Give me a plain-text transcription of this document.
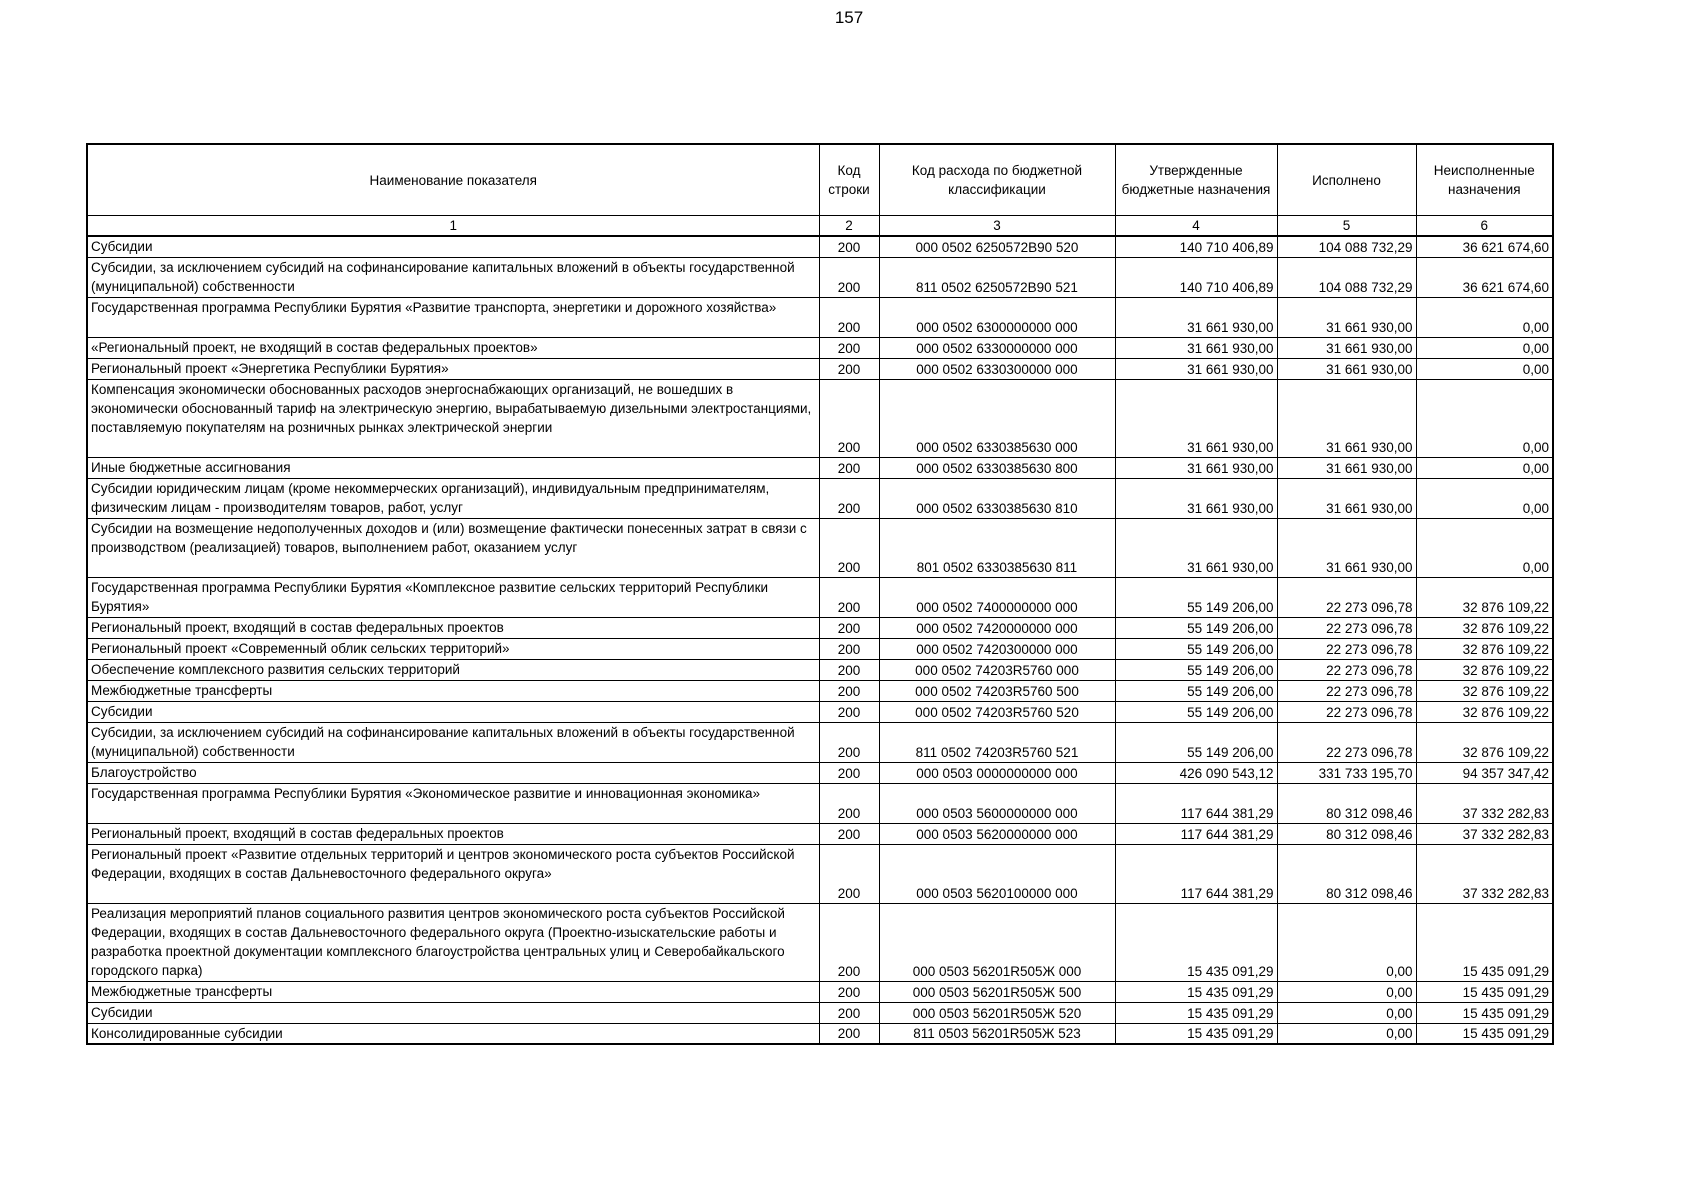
157
Наименование показателя	Код строки	Код расхода по бюджетной классификации	Утвержденные бюджетные назначения	Исполнено	Неисполненные назначения
1	2	3	4	5	6
Субсидии	200	000 0502 6250572B90 520	140 710 406,89	104 088 732,29	36 621 674,60
Субсидии, за исключением субсидий на софинансирование капитальных вложений в объекты государственной (муниципальной) собственности	200	811 0502 6250572B90 521	140 710 406,89	104 088 732,29	36 621 674,60
Государственная программа Республики Бурятия «Развитие транспорта, энергетики и дорожного хозяйства»	200	000 0502 6300000000 000	31 661 930,00	31 661 930,00	0,00
«Региональный проект, не входящий в состав федеральных проектов»	200	000 0502 6330000000 000	31 661 930,00	31 661 930,00	0,00
Региональный проект «Энергетика Республики Бурятия»	200	000 0502 6330300000 000	31 661 930,00	31 661 930,00	0,00
Компенсация экономически обоснованных расходов энергоснабжающих организаций, не вошедших в экономически обоснованный тариф на электрическую энергию, вырабатываемую дизельными электростанциями, поставляемую покупателям на розничных рынках электрической энергии	200	000 0502 6330385630 000	31 661 930,00	31 661 930,00	0,00
Иные бюджетные ассигнования	200	000 0502 6330385630 800	31 661 930,00	31 661 930,00	0,00
Субсидии юридическим лицам (кроме некоммерческих организаций), индивидуальным предпринимателям, физическим лицам - производителям товаров, работ, услуг	200	000 0502 6330385630 810	31 661 930,00	31 661 930,00	0,00
Субсидии на возмещение недополученных доходов и (или) возмещение фактически понесенных затрат в связи с производством (реализацией) товаров, выполнением работ, оказанием услуг	200	801 0502 6330385630 811	31 661 930,00	31 661 930,00	0,00
Государственная программа Республики Бурятия «Комплексное развитие сельских территорий Республики Бурятия»	200	000 0502 7400000000 000	55 149 206,00	22 273 096,78	32 876 109,22
Региональный проект, входящий в состав федеральных проектов	200	000 0502 7420000000 000	55 149 206,00	22 273 096,78	32 876 109,22
Региональный проект «Современный облик сельских территорий»	200	000 0502 7420300000 000	55 149 206,00	22 273 096,78	32 876 109,22
Обеспечение комплексного развития сельских территорий	200	000 0502 74203R5760 000	55 149 206,00	22 273 096,78	32 876 109,22
Межбюджетные трансферты	200	000 0502 74203R5760 500	55 149 206,00	22 273 096,78	32 876 109,22
Субсидии	200	000 0502 74203R5760 520	55 149 206,00	22 273 096,78	32 876 109,22
Субсидии, за исключением субсидий на софинансирование капитальных вложений в объекты государственной (муниципальной) собственности	200	811 0502 74203R5760 521	55 149 206,00	22 273 096,78	32 876 109,22
Благоустройство	200	000 0503 0000000000 000	426 090 543,12	331 733 195,70	94 357 347,42
Государственная программа Республики Бурятия «Экономическое развитие и инновационная экономика»	200	000 0503 5600000000 000	117 644 381,29	80 312 098,46	37 332 282,83
Региональный проект, входящий в состав федеральных проектов	200	000 0503 5620000000 000	117 644 381,29	80 312 098,46	37 332 282,83
Региональный проект «Развитие отдельных территорий и центров экономического роста субъектов Российской Федерации, входящих в состав Дальневосточного федерального округа»	200	000 0503 5620100000 000	117 644 381,29	80 312 098,46	37 332 282,83
Реализация мероприятий планов социального развития центров экономического роста субъектов Российской Федерации, входящих в состав Дальневосточного федерального округа (Проектно-изыскательские работы и разработка проектной документации комплексного благоустройства центральных улиц и Северобайкальского городского парка)	200	000 0503 56201R505Ж 000	15 435 091,29	0,00	15 435 091,29
Межбюджетные трансферты	200	000 0503 56201R505Ж 500	15 435 091,29	0,00	15 435 091,29
Субсидии	200	000 0503 56201R505Ж 520	15 435 091,29	0,00	15 435 091,29
Консолидированные субсидии	200	811 0503 56201R505Ж 523	15 435 091,29	0,00	15 435 091,29
